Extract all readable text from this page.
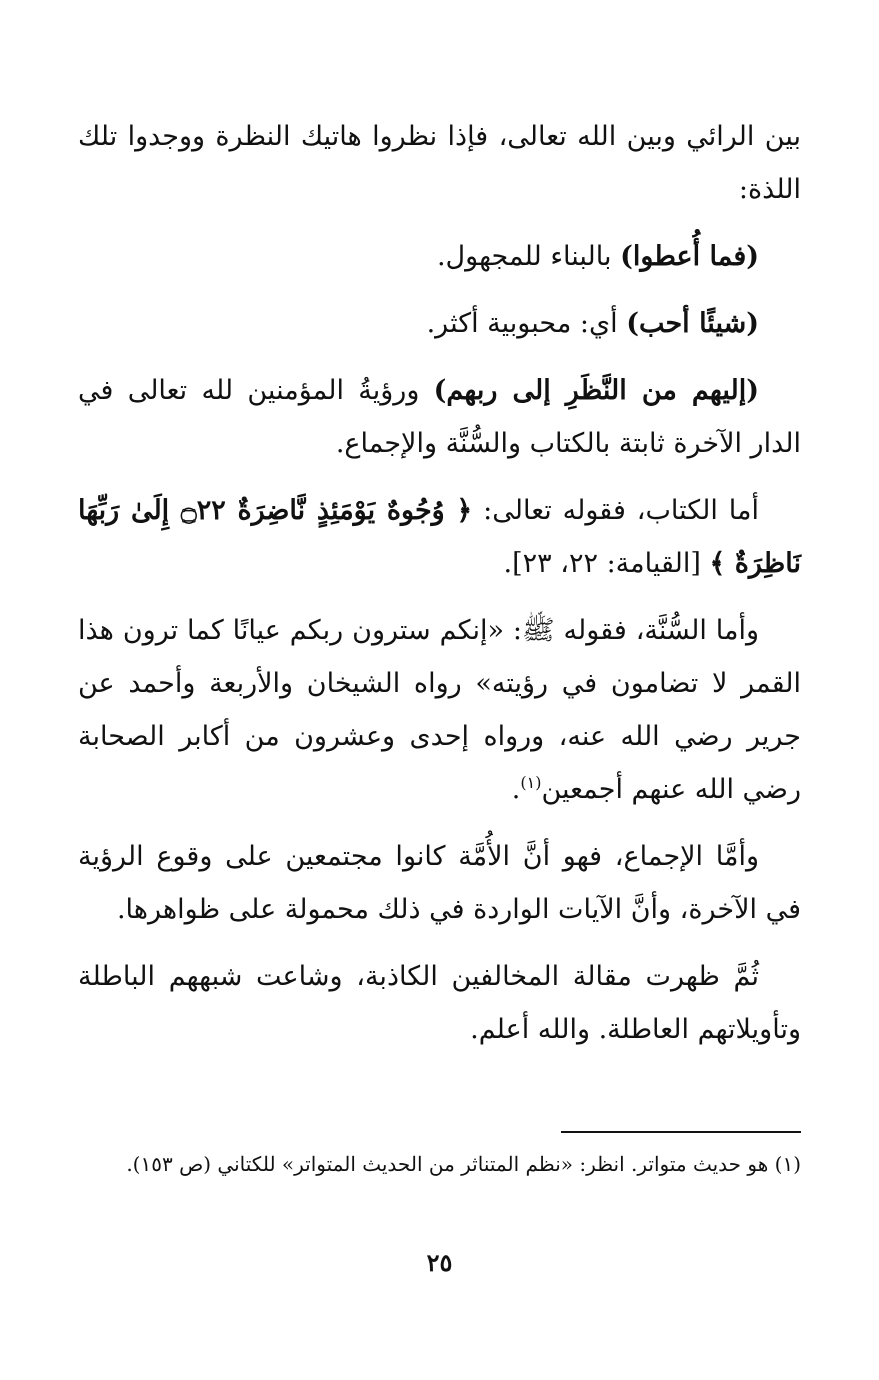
بين الرائي وبين الله تعالى، فإذا نظروا هاتيك النظرة ووجدوا تلك اللذة:

(فما أُعطوا) بالبناء للمجهول.

(شيئًا أحب) أي: محبوبية أكثر.

(إليهم من النَّظَرِ إلى ربهم) ورؤيةُ المؤمنين لله تعالى في الدار الآخرة ثابتة بالكتاب والسُّنَّة والإجماع.

أما الكتاب، فقوله تعالى: ﴿ وُجُوهٌ يَوْمَئِذٍ نَّاضِرَةٌ ۝٢٢ إِلَىٰ رَبِّهَا نَاظِرَةٌ ﴾ [القيامة: ٢٢، ٢٣].

وأما السُّنَّة، فقوله ﷺ: «إنكم سترون ربكم عيانًا كما ترون هذا القمر لا تضامون في رؤيته» رواه الشيخان والأربعة وأحمد عن جرير رضي الله عنه، ورواه إحدى وعشرون من أكابر الصحابة رضي الله عنهم أجمعين$^{(١)}$.

وأمَّا الإجماع، فهو أنَّ الأُمَّة كانوا مجتمعين على وقوع الرؤية في الآخرة، وأنَّ الآيات الواردة في ذلك محمولة على ظواهرها.

ثُمَّ ظهرت مقالة المخالفين الكاذبة، وشاعت شبههم الباطلة وتأويلاتهم العاطلة. والله أعلم.

(١) هو حديث متواتر. انظر: «نظم المتناثر من الحديث المتواتر» للكتاني (ص ١٥٣).
٢٥
